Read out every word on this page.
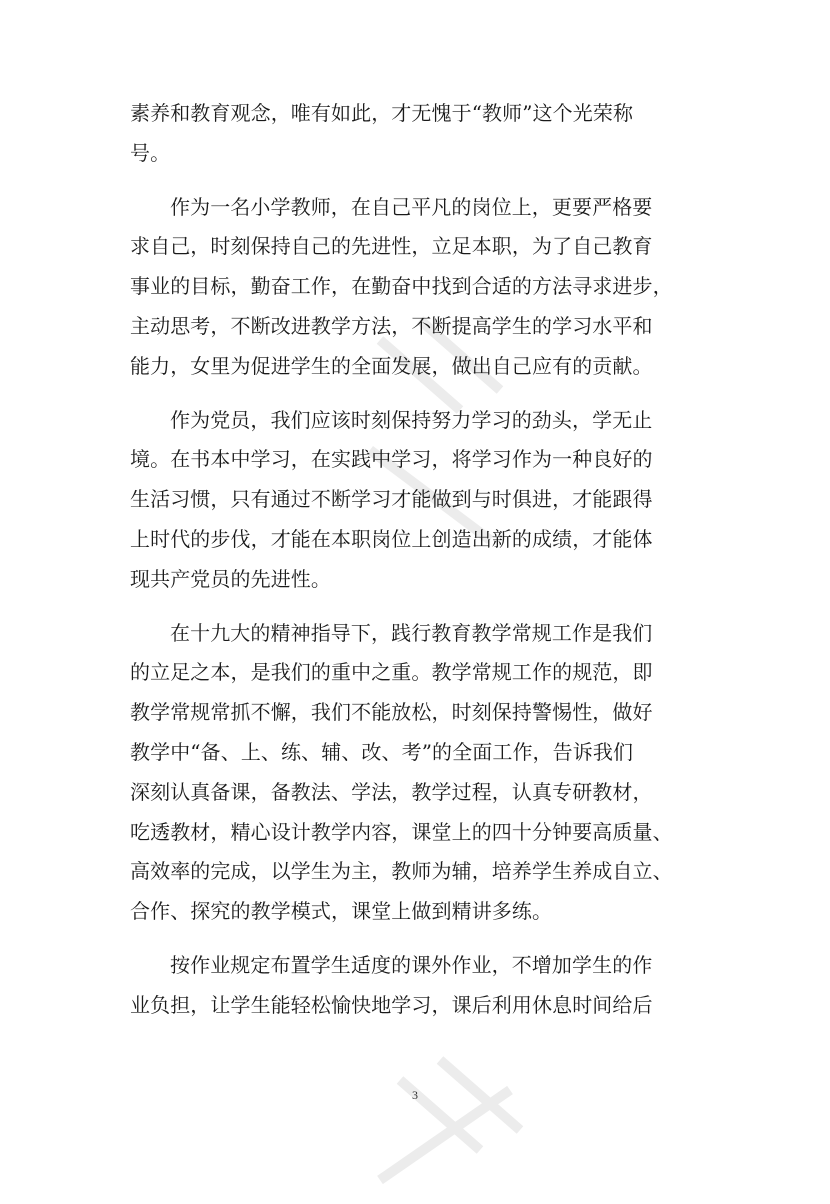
素养和教育观念，唯有如此，才无愧于“教师”这个光荣称
号。

作为一名小学教师，在自己平凡的岗位上，更要严格要
求自己，时刻保持自己的先进性，立足本职，为了自己教育
事业的目标，勤奋工作，在勤奋中找到合适的方法寻求进步，
主动思考，不断改进教学方法，不断提高学生的学习水平和
能力，女里为促进学生的全面发展，做出自己应有的贡献。

作为党员，我们应该时刻保持努力学习的劲头，学无止
境。在书本中学习，在实践中学习，将学习作为一种良好的
生活习惯，只有通过不断学习才能做到与时俱进，才能跟得
上时代的步伐，才能在本职岗位上创造出新的成绩，才能体
现共产党员的先进性。

在十九大的精神指导下，践行教育教学常规工作是我们
的立足之本，是我们的重中之重。教学常规工作的规范，即
教学常规常抓不懈，我们不能放松，时刻保持警惕性，做好
教学中“备、上、练、辅、改、考”的全面工作，告诉我们
深刻认真备课，备教法、学法，教学过程，认真专研教材，
吃透教材，精心设计教学内容，课堂上的四十分钟要高质量、
高效率的完成，以学生为主，教师为辅，培养学生养成自立、
合作、探究的教学模式，课堂上做到精讲多练。

按作业规定布置学生适度的课外作业，不增加学生的作
业负担，让学生能轻松愉快地学习，课后利用休息时间给后

3
